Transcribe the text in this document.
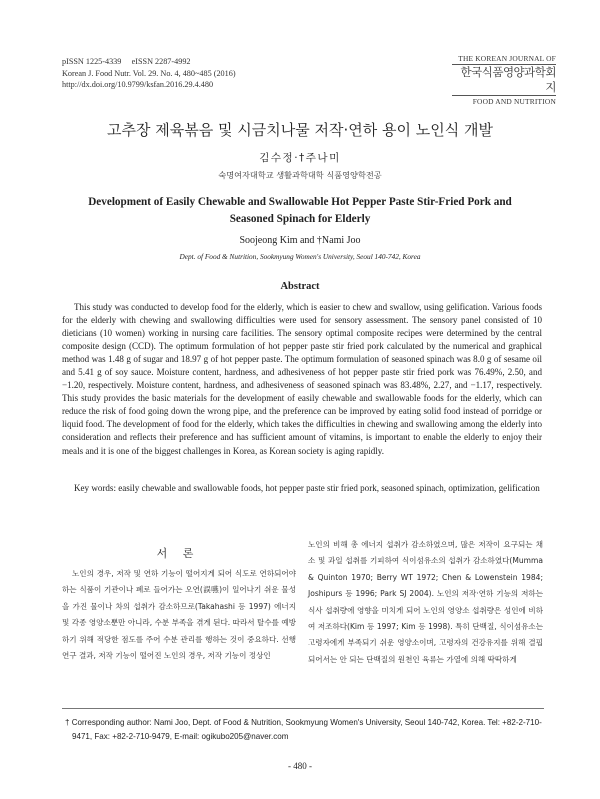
pISSN 1225-4339     eISSN 2287-4992
Korean J. Food Nutr. Vol. 29. No. 4, 480~485 (2016)
http://dx.doi.org/10.9799/ksfan.2016.29.4.480
THE KOREAN JOURNAL OF
한국식품영양과학회지
FOOD AND NUTRITION
고추장 제육볶음 및 시금치나물 저작·연하 용이 노인식 개발
김수정·†주나미
숙명여자대학교 생활과학대학 식품영양학전공
Development of Easily Chewable and Swallowable Hot Pepper Paste Stir-Fried Pork and Seasoned Spinach for Elderly
Soojeong Kim and †Nami Joo
Dept. of Food & Nutrition, Sookmyung Women's University, Seoul 140-742, Korea
Abstract
This study was conducted to develop food for the elderly, which is easier to chew and swallow, using gelification. Various foods for the elderly with chewing and swallowing difficulties were used for sensory assessment. The sensory panel consisted of 10 dieticians (10 women) working in nursing care facilities. The sensory optimal composite recipes were determined by the central composite design (CCD). The optimum formulation of hot pepper paste stir fried pork calculated by the numerical and graphical method was 1.48 g of sugar and 18.97 g of hot pepper paste. The optimum formulation of seasoned spinach was 8.0 g of sesame oil and 5.41 g of soy sauce. Moisture content, hardness, and adhesiveness of hot pepper paste stir fried pork was 76.49%, 2.50, and −1.20, respectively. Moisture content, hardness, and adhesiveness of seasoned spinach was 83.48%, 2.27, and −1.17, respectively. This study provides the basic materials for the development of easily chewable and swallowable foods for the elderly, which can reduce the risk of food going down the wrong pipe, and the preference can be improved by eating solid food instead of porridge or liquid food. The development of food for the elderly, which takes the difficulties in chewing and swallowing among the elderly into consideration and reflects their preference and has sufficient amount of vitamins, is important to enable the elderly to enjoy their meals and it is one of the biggest challenges in Korea, as Korean society is aging rapidly.
Key words: easily chewable and swallowable foods, hot pepper paste stir fried pork, seasoned spinach, optimization, gelification
서 론
노인의 경우, 저작 및 연하 기능이 떨어지게 되어 식도로 연하되어야 하는 식품이 기관이나 폐로 들어가는 오연(誤嚥)이 일어나기 쉬운 물성을 가진 물이나 차의 섭취가 감소하므로(Takahashi 등 1997) 에너지 및 각종 영양소뿐만 아니라, 수분 부족을 겪게 된다. 따라서 탈수를 예방하기 위해 적당한 점도를 주어 수분 관리를 행하는 것이 중요하다. 선행 연구 결과, 저작 기능이 떨어진 노인의 경우, 저작 기능이 정상인
노인의 비해 총 에너지 섭취가 감소하였으며, 많은 저작이 요구되는 채소 및 과일 섭취를 기피하여 식이섬유소의 섭취가 감소하였다(Mumma & Quinton 1970; Berry WT 1972; Chen & Lowenstein 1984; Joshipurs 등 1996; Park SJ 2004). 노인의 저작·연하 기능의 저하는 식사 섭취량에 영향을 미치게 되어 노인의 영양소 섭취량은 성인에 비하여 저조하다(Kim 등 1997; Kim 등 1998). 특히 단백질, 식이섬유소는 고령자에게 부족되기 쉬운 영양소이며, 고령자의 건강유지를 위해 결핍되어서는 안 되는 단백질의 원천인 육류는 가열에 의해 딱딱하게
† Corresponding author: Nami Joo, Dept. of Food & Nutrition, Sookmyung Women's University, Seoul 140-742, Korea. Tel: +82-2-710-9471, Fax: +82-2-710-9479, E-mail: ogikubo205@naver.com
- 480 -
